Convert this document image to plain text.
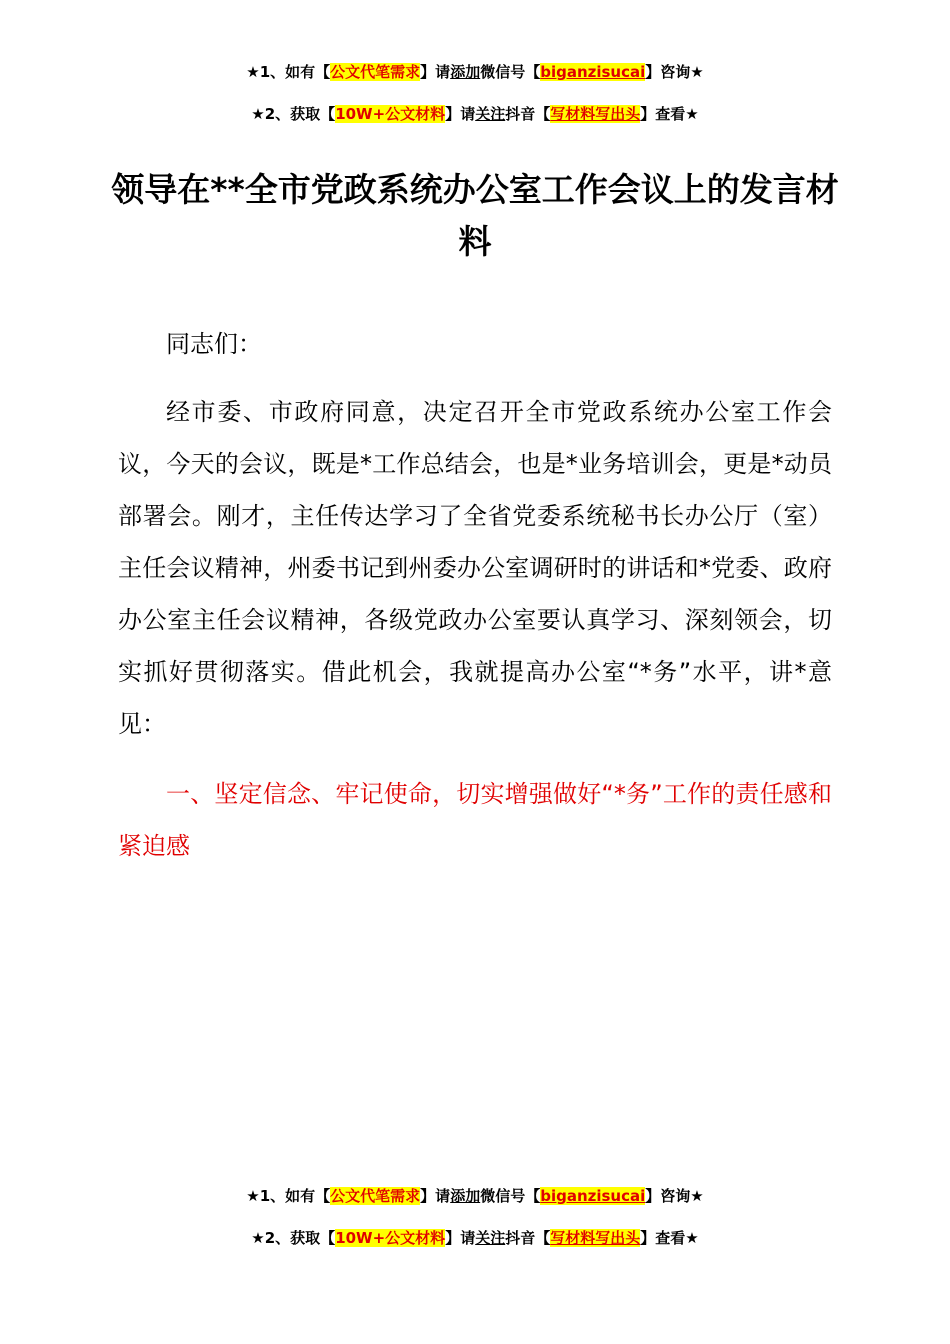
★1、如有【公文代笔需求】请添加微信号【biganzisucai】咨询★
★2、获取【10W+公文材料】请关注抖音【写材料写出头】查看★
领导在**全市党政系统办公室工作会议上的发言材料

同志们：

经市委、市政府同意，决定召开全市党政系统办公室工作会议，今天的会议，既是*工作总结会，也是*业务培训会，更是*动员部署会。刚才，主任传达学习了全省党委系统秘书长办公厅（室）主任会议精神，州委书记到州委办公室调研时的讲话和*党委、政府办公室主任会议精神，各级党政办公室要认真学习、深刻领会，切实抓好贯彻落实。借此机会，我就提高办公室“*务”水平，讲*意见：

一、坚定信念、牢记使命，切实增强做好“*务”工作的责任感和紧迫感

★1、如有【公文代笔需求】请添加微信号【biganzisucai】咨询★
★2、获取【10W+公文材料】请关注抖音【写材料写出头】查看★
